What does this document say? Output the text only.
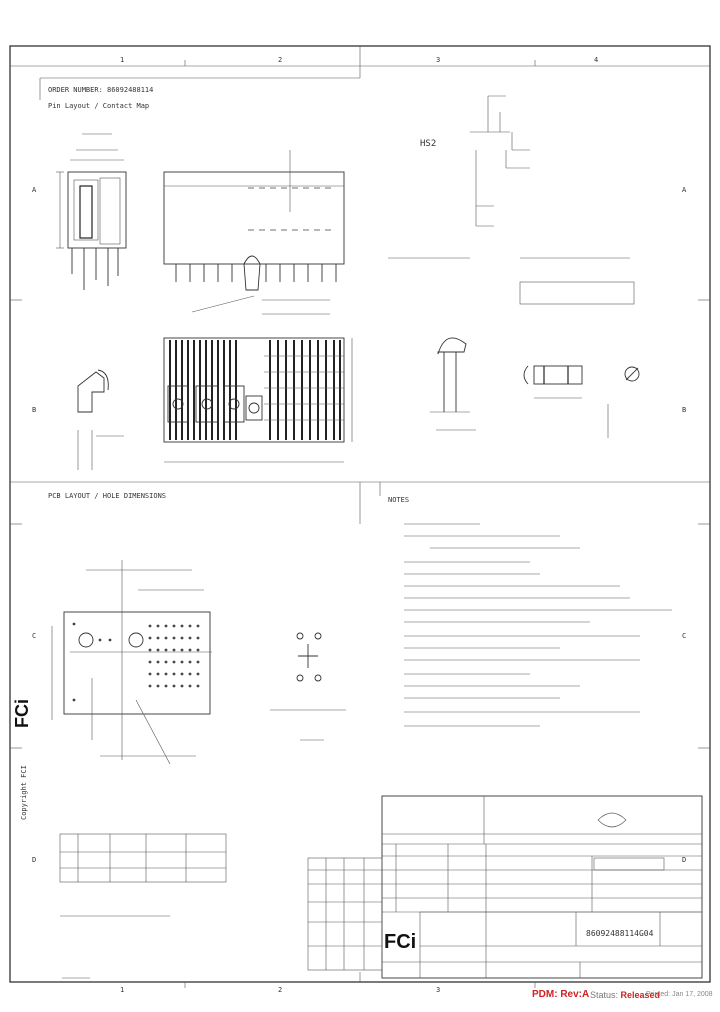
1	2	3	4
A
B
C
D
A
B
C
D
1	2	3
ORDER NUMBER: 86092488114
Pin Layout / Contact Map
HS2
PCB LAYOUT / HOLE DIMENSIONS	NOTES
FCi
Copyright FCI
FCi	86092488114G04
PDM: Rev:A Status: Released
Printed: Jan 17, 2008
